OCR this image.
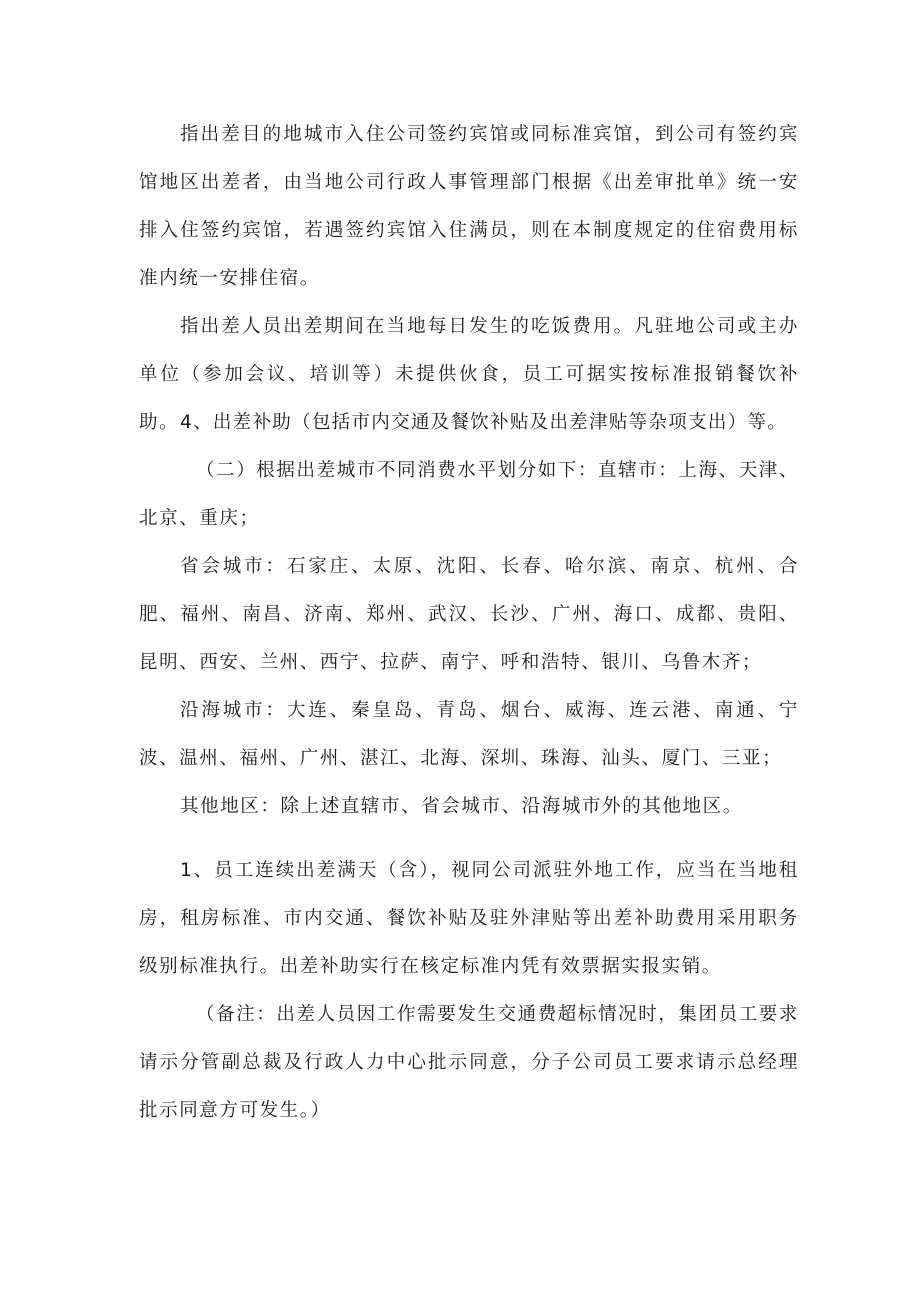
指出差目的地城市入住公司签约宾馆或同标准宾馆，到公司有签约宾馆地区出差者，由当地公司行政人事管理部门根据《出差审批单》统一安排入住签约宾馆，若遇签约宾馆入住满员，则在本制度规定的住宿费用标准内统一安排住宿。

指出差人员出差期间在当地每日发生的吃饭费用。凡驻地公司或主办单位（参加会议、培训等）未提供伙食，员工可据实按标准报销餐饮补助。 4、出差补助（包括市内交通及餐饮补贴及出差津贴等杂项支出）等。

（二）根据出差城市不同消费水平划分如下：直辖市：上海、天津、北京、重庆；

省会城市：石家庄、太原、沈阳、长春、哈尔滨、南京、杭州、合肥、福州、南昌、济南、郑州、武汉、长沙、广州、海口、成都、贵阳、昆明、西安、兰州、西宁、拉萨、南宁、呼和浩特、银川、乌鲁木齐；

沿海城市：大连、秦皇岛、青岛、烟台、威海、连云港、南通、宁波、温州、福州、广州、湛江、北海、深圳、珠海、汕头、厦门、三亚；

其他地区：除上述直辖市、省会城市、沿海城市外的其他地区。

1、员工连续出差满天（含），视同公司派驻外地工作，应当在当地租房，租房标准、市内交通、餐饮补贴及驻外津贴等出差补助费用采用职务级别标准执行。出差补助实行在核定标准内凭有效票据实报实销。

（备注：出差人员因工作需要发生交通费超标情况时，集团员工要求请示分管副总裁及行政人力中心批示同意，分子公司员工要求请示总经理批示同意方可发生。）
